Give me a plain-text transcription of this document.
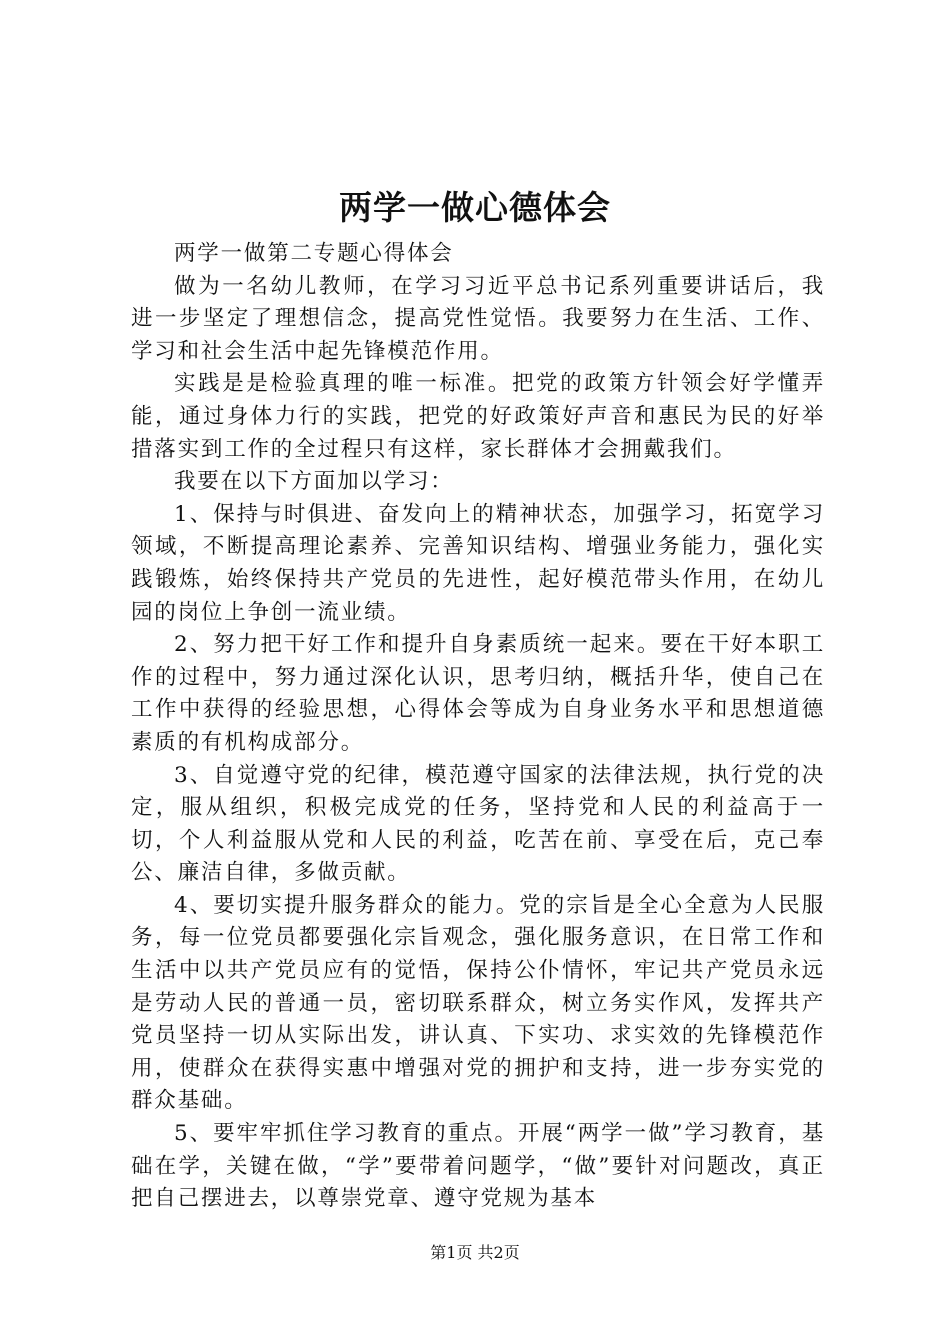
两学一做心德体会

两学一做第二专题心得体会

做为一名幼儿教师，在学习习近平总书记系列重要讲话后，我进一步坚定了理想信念，提高党性觉悟。我要努力在生活、工作、学习和社会生活中起先锋模范作用。

实践是是检验真理的唯一标准。把党的政策方针领会好学懂弄能，通过身体力行的实践，把党的好政策好声音和惠民为民的好举措落实到工作的全过程只有这样，家长群体才会拥戴我们。

我要在以下方面加以学习：

1、保持与时俱进、奋发向上的精神状态，加强学习，拓宽学习领域，不断提高理论素养、完善知识结构、增强业务能力，强化实践锻炼，始终保持共产党员的先进性，起好模范带头作用，在幼儿园的岗位上争创一流业绩。

2、努力把干好工作和提升自身素质统一起来。要在干好本职工作的过程中，努力通过深化认识，思考归纳，概括升华，使自己在工作中获得的经验思想，心得体会等成为自身业务水平和思想道德素质的有机构成部分。

3、自觉遵守党的纪律，模范遵守国家的法律法规，执行党的决定，服从组织，积极完成党的任务，坚持党和人民的利益高于一切，个人利益服从党和人民的利益，吃苦在前、享受在后，克己奉公、廉洁自律，多做贡献。

4、要切实提升服务群众的能力。党的宗旨是全心全意为人民服务，每一位党员都要强化宗旨观念，强化服务意识，在日常工作和生活中以共产党员应有的觉悟，保持公仆情怀，牢记共产党员永远是劳动人民的普通一员，密切联系群众，树立务实作风，发挥共产党员坚持一切从实际出发，讲认真、下实功、求实效的先锋模范作用，使群众在获得实惠中增强对党的拥护和支持，进一步夯实党的群众基础。

5、要牢牢抓住学习教育的重点。开展“两学一做”学习教育，基础在学，关键在做，“学”要带着问题学，“做”要针对问题改，真正把自己摆进去，以尊崇党章、遵守党规为基本

第1页 共2页
